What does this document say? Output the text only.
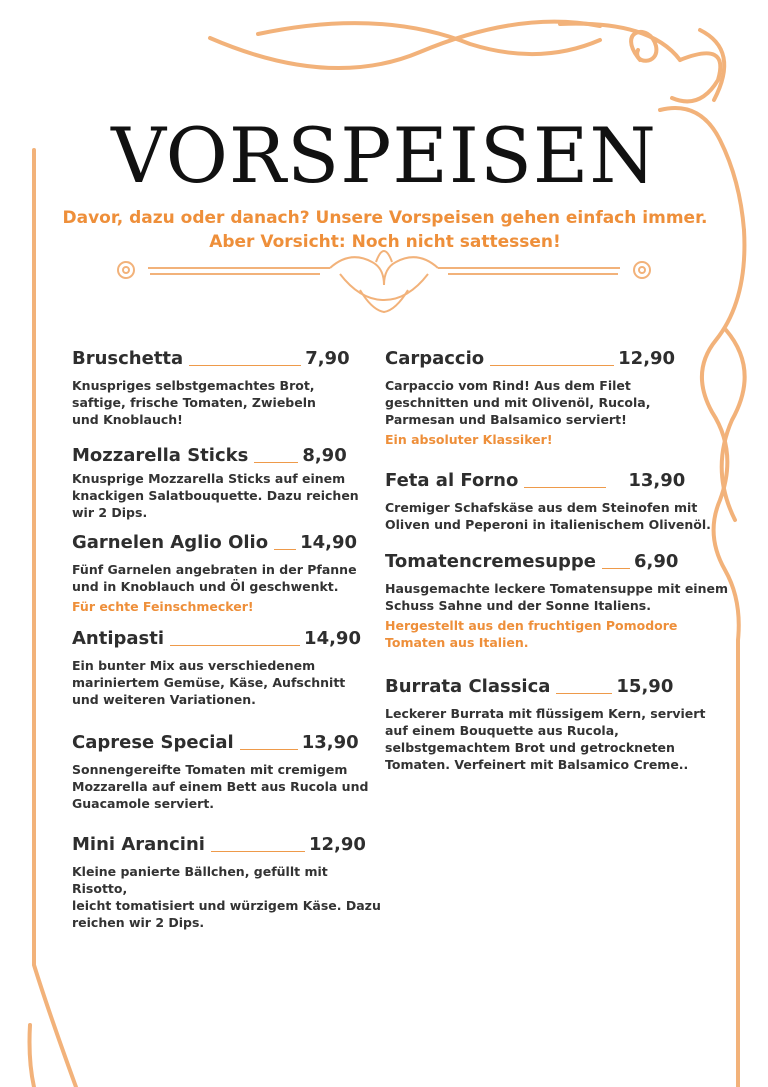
VORSPEISEN
Davor, dazu oder danach? Unsere Vorspeisen gehen einfach immer.
Aber Vorsicht: Noch nicht sattessen!
Bruschetta	7,90
Knuspriges selbstgemachtes Brot,
saftige, frische Tomaten, Zwiebeln
und Knoblauch!
Mozzarella Sticks	8,90
Knusprige Mozzarella Sticks auf einem
knackigen Salatbouquette. Dazu reichen
wir 2 Dips.
Garnelen Aglio Olio 14,90
Fünf Garnelen angebraten in der Pfanne
und in Knoblauch und Öl geschwenkt.
Für echte Feinschmecker!
Antipasti	14,90
Ein bunter Mix aus verschiedenem
mariniertem Gemüse, Käse, Aufschnitt
und weiteren Variationen.
Caprese Special	13,90
Sonnengereifte Tomaten mit cremigem
Mozzarella auf einem Bett aus Rucola und
Guacamole serviert.
Mini Arancini	12,90
Kleine panierte Bällchen, gefüllt mit Risotto,
leicht tomatisiert und würzigem Käse. Dazu
reichen wir 2 Dips.
Carpaccio	12,90
Carpaccio vom Rind! Aus dem Filet
geschnitten und mit Olivenöl, Rucola,
Parmesan und Balsamico serviert!
Ein absoluter Klassiker!
Feta al Forno	13,90
Cremiger Schafskäse aus dem Steinofen mit
Oliven und Peperoni in italienischem Olivenöl.
Tomatencremesuppe 6,90
Hausgemachte leckere Tomatensuppe mit einem
Schuss Sahne und der Sonne Italiens.
Hergestellt aus den fruchtigen Pomodore
Tomaten aus Italien.
Burrata Classica	15,90
Leckerer Burrata mit flüssigem Kern, serviert
auf einem Bouquette aus Rucola,
selbstgemachtem Brot und getrockneten
Tomaten. Verfeinert mit Balsamico Creme..
